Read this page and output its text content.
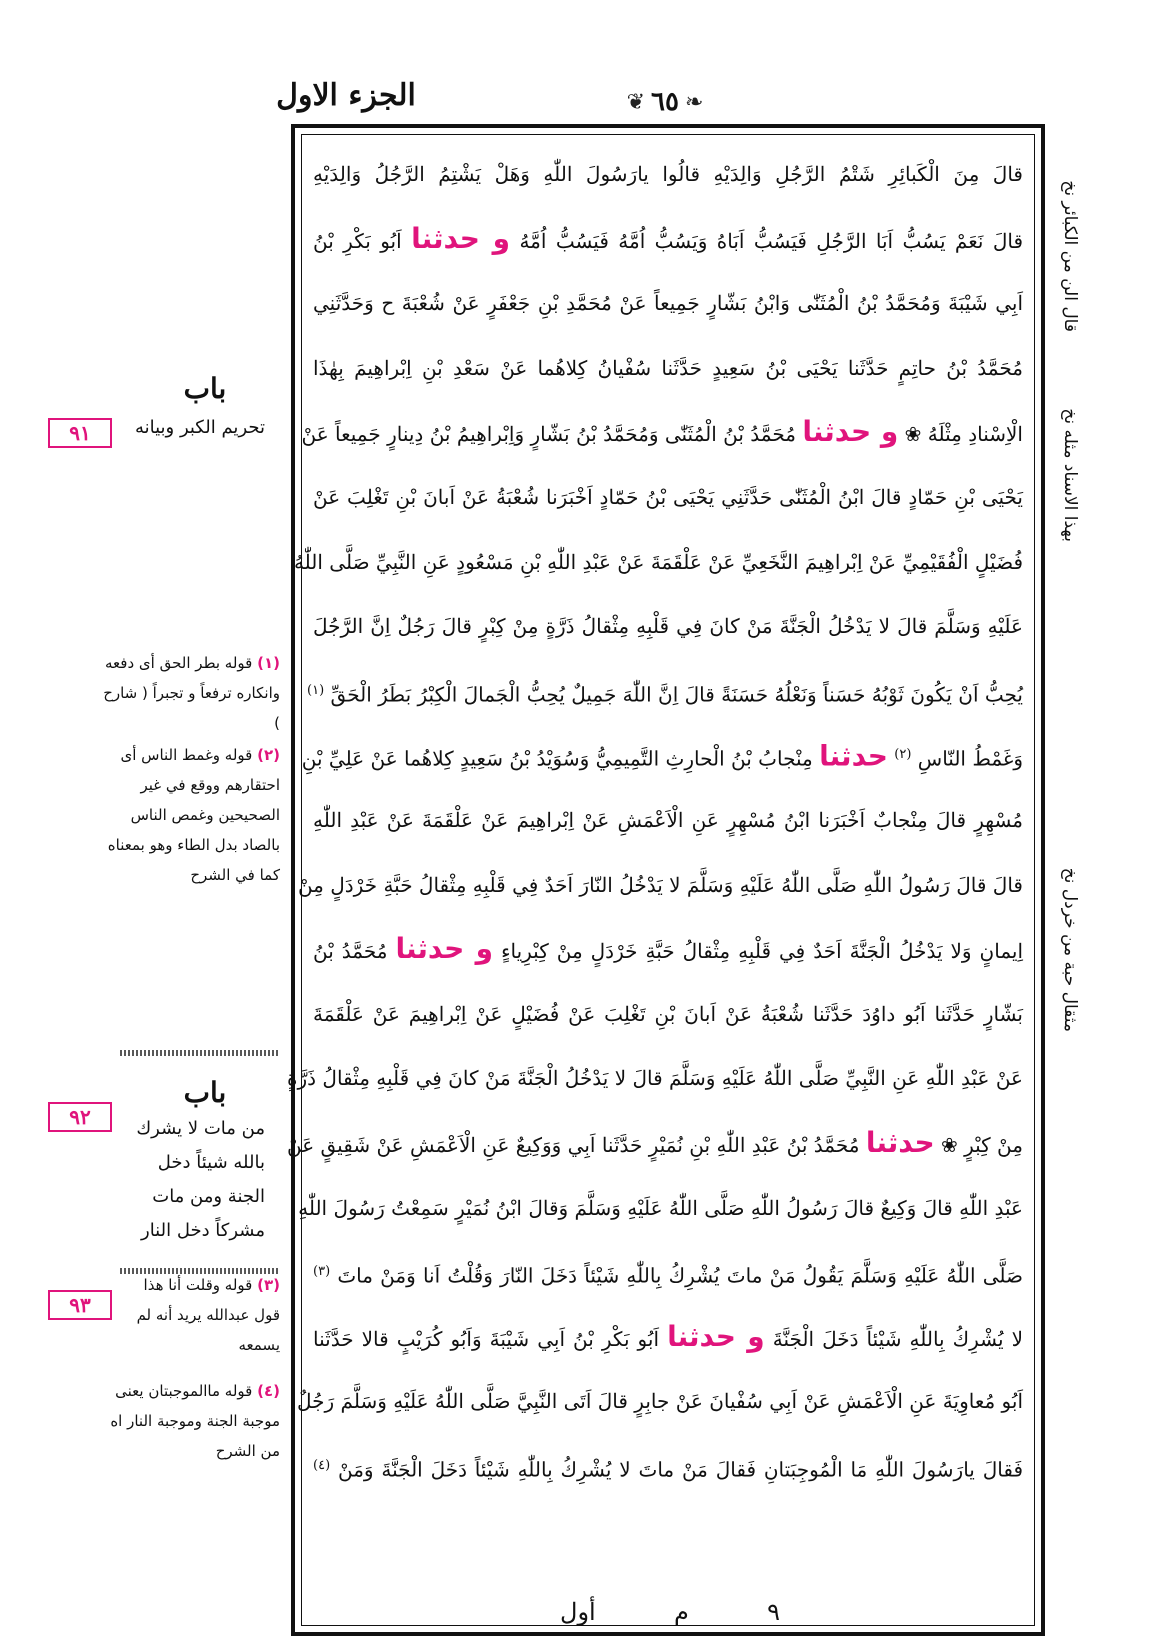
الجزء الاول	❦ ٦٥ ❧
قال الن من الكبائر نخ
بهذا الاسناد مثله نخ
مثقال حبة من خردل نخ
قالَ مِنَ الْكَبائِرِ شَتْمُ الرَّجُلِ وَالِدَيْهِ قالُوا يارَسُولَ اللّٰهِ وَهَلْ يَشْتِمُ الرَّجُلُ وَالِدَيْهِ
قالَ نَعَمْ يَسُبُّ اَبَا الرَّجُلِ فَيَسُبُّ اَبَاهُ وَيَسُبُّ اُمَّهُ فَيَسُبُّ اُمَّهُ و حدثنا اَبُو بَكْرِ بْنُ
اَبِي شَيْبَةَ وَمُحَمَّدُ بْنُ الْمُثَنّٰى وَابْنُ بَشّارٍ جَمِيعاً عَنْ مُحَمَّدِ بْنِ جَعْفَرٍ عَنْ شُعْبَةَ ح وَحَدَّثَنِي
مُحَمَّدُ بْنُ حاتِمٍ حَدَّثَنا يَحْيَى بْنُ سَعِيدٍ حَدَّثَنا سُفْيانُ كِلاهُما عَنْ سَعْدِ بْنِ اِبْراهِيمَ بِهٰذَا
الْاِسْنادِ مِثْلَهُ ❀ و حدثنا مُحَمَّدُ بْنُ الْمُثَنّٰى وَمُحَمَّدُ بْنُ بَشّارٍ وَاِبْراهِيمُ بْنُ دِينارٍ جَمِيعاً عَنْ
يَحْيَى بْنِ حَمّادٍ قالَ ابْنُ الْمُثَنّٰى حَدَّثَنِي يَحْيَى بْنُ حَمّادٍ اَخْبَرَنا شُعْبَةُ عَنْ اَبانَ بْنِ تَغْلِبَ عَنْ
فُضَيْلٍ الْفُقَيْمِيِّ عَنْ اِبْراهِيمَ النَّخَعِيِّ عَنْ عَلْقَمَةَ عَنْ عَبْدِ اللّٰهِ بْنِ مَسْعُودٍ عَنِ النَّبِيِّ صَلَّى اللّٰهُ
عَلَيْهِ وَسَلَّمَ قالَ لا يَدْخُلُ الْجَنَّةَ مَنْ كانَ فِي قَلْبِهِ مِثْقالُ ذَرَّةٍ مِنْ كِبْرٍ قالَ رَجُلٌ اِنَّ الرَّجُلَ
يُحِبُّ اَنْ يَكُونَ ثَوْبُهُ حَسَناً وَنَعْلُهُ حَسَنَةً قالَ اِنَّ اللّٰهَ جَمِيلٌ يُحِبُّ الْجَمالَ الْكِبْرُ بَطَرُ الْحَقِّ $^{(١)}$
وَغَمْطُ النّاسِ $^{(٢)}$ حدثنا مِنْجابُ بْنُ الْحارِثِ التَّمِيمِيُّ وَسُوَيْدُ بْنُ سَعِيدٍ كِلاهُما عَنْ عَلِيِّ بْنِ
مُسْهِرٍ قالَ مِنْجابٌ اَخْبَرَنا ابْنُ مُسْهِرٍ عَنِ الْاَعْمَشِ عَنْ اِبْراهِيمَ عَنْ عَلْقَمَةَ عَنْ عَبْدِ اللّٰهِ
قالَ قالَ رَسُولُ اللّٰهِ صَلَّى اللّٰهُ عَلَيْهِ وَسَلَّمَ لا يَدْخُلُ النّارَ اَحَدٌ فِي قَلْبِهِ مِثْقالُ حَبَّةِ خَرْدَلٍ مِنْ
اِيمانٍ وَلا يَدْخُلُ الْجَنَّةَ اَحَدٌ فِي قَلْبِهِ مِثْقالُ حَبَّةِ خَرْدَلٍ مِنْ كِبْرِياءٍ و حدثنا مُحَمَّدُ بْنُ
بَشّارٍ حَدَّثَنا اَبُو داوُدَ حَدَّثَنا شُعْبَةُ عَنْ اَبانَ بْنِ تَغْلِبَ عَنْ فُضَيْلٍ عَنْ اِبْراهِيمَ عَنْ عَلْقَمَةَ
عَنْ عَبْدِ اللّٰهِ عَنِ النَّبِيِّ صَلَّى اللّٰهُ عَلَيْهِ وَسَلَّمَ قالَ لا يَدْخُلُ الْجَنَّةَ مَنْ كانَ فِي قَلْبِهِ مِثْقالُ ذَرَّةٍ
مِنْ كِبْرٍ ❀ حدثنا مُحَمَّدُ بْنُ عَبْدِ اللّٰهِ بْنِ نُمَيْرٍ حَدَّثَنا اَبِي وَوَكِيعٌ عَنِ الْاَعْمَشِ عَنْ شَقِيقٍ عَنْ
عَبْدِ اللّٰهِ قالَ وَكِيعٌ قالَ رَسُولُ اللّٰهِ صَلَّى اللّٰهُ عَلَيْهِ وَسَلَّمَ وَقالَ ابْنُ نُمَيْرٍ سَمِعْتُ رَسُولَ اللّٰهِ
صَلَّى اللّٰهُ عَلَيْهِ وَسَلَّمَ يَقُولُ مَنْ ماتَ يُشْرِكُ بِاللّٰهِ شَيْئاً دَخَلَ النّارَ وَقُلْتُ اَنا وَمَنْ ماتَ $^{(٣)}$
لا يُشْرِكُ بِاللّٰهِ شَيْئاً دَخَلَ الْجَنَّةَ و حدثنا اَبُو بَكْرِ بْنُ اَبِي شَيْبَةَ وَاَبُو كُرَيْبٍ قالا حَدَّثَنا
اَبُو مُعاوِيَةَ عَنِ الْاَعْمَشِ عَنْ اَبِي سُفْيانَ عَنْ جابِرٍ قالَ اَتَى النَّبِيَّ صَلَّى اللّٰهُ عَلَيْهِ وَسَلَّمَ رَجُلٌ
فَقالَ يارَسُولَ اللّٰهِ مَا الْمُوجِبَتانِ فَقالَ مَنْ ماتَ لا يُشْرِكُ بِاللّٰهِ شَيْئاً دَخَلَ الْجَنَّةَ وَمَنْ $^{(٤)}$
باب
تحريم الكبر وبيانه
٩١
(١) قوله بطر الحق أى دفعه وانكاره ترفعاً و تجبراً ( شارح )
(٢) قوله وغمط الناس أى احتقارهم ووقع في غير الصحيحين وغمص الناس بالصاد بدل الطاء وهو بمعناه كما في الشرح
باب
من مات لا يشرك بالله شيئاً دخل الجنة ومن مات مشركاً دخل النار
٩٢
(٣) قوله وقلت أنا هذا قول عبدالله يريد أنه لم يسمعه
٩٣
(٤) قوله ماالموجبتان يعنى موجبة الجنة وموجبة النار اه من الشرح
٩
م
أول
